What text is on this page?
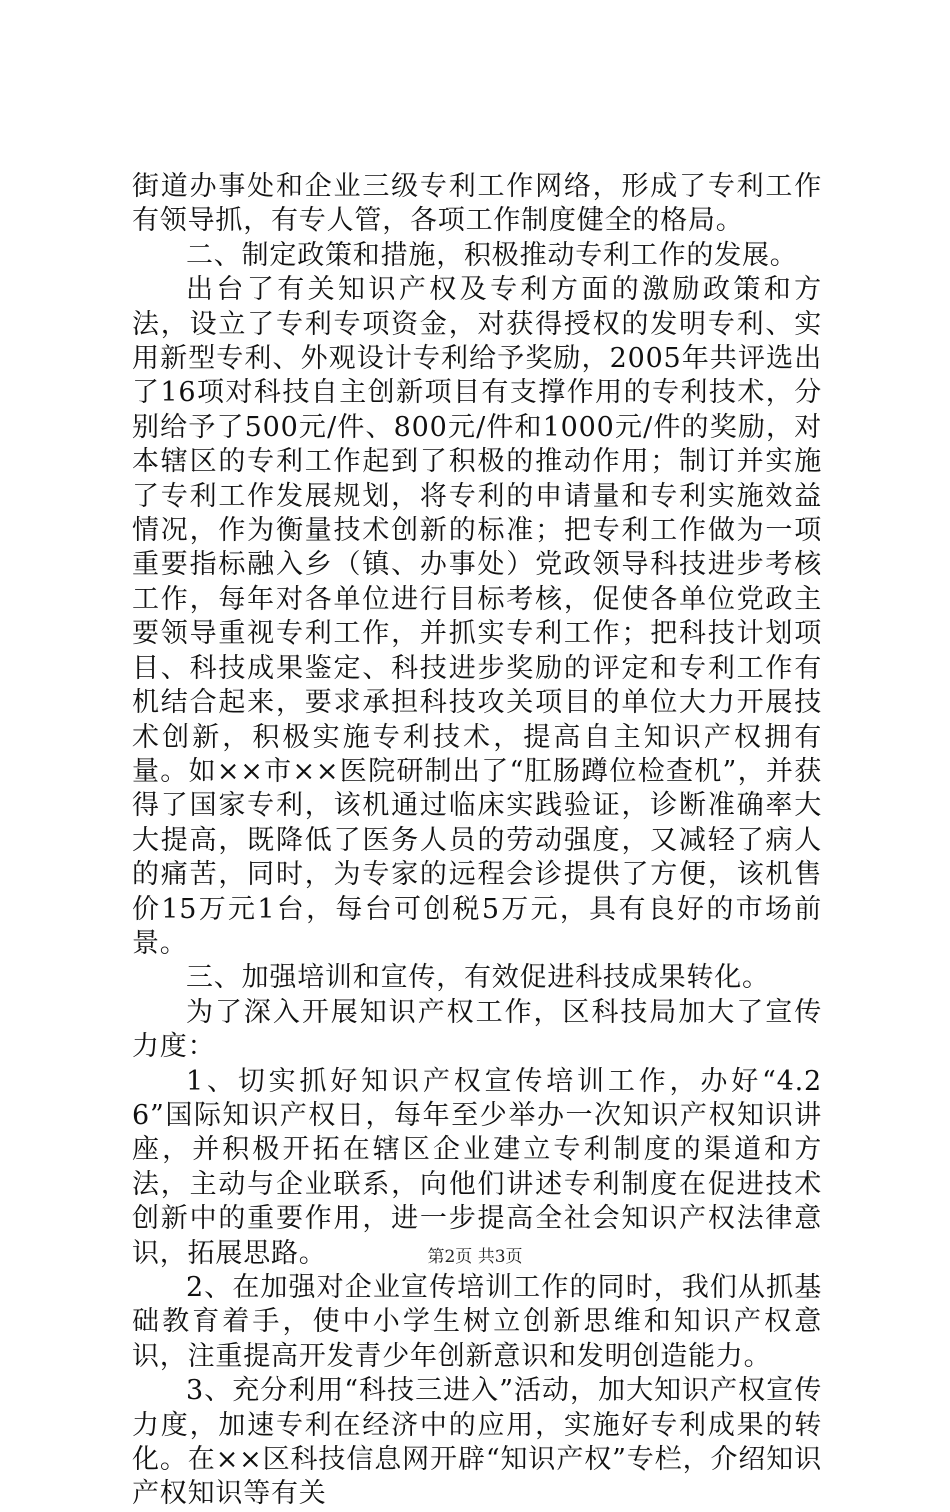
街道办事处和企业三级专利工作网络，形成了专利工作有领导抓，有专人管，各项工作制度健全的格局。

二、制定政策和措施，积极推动专利工作的发展。

出台了有关知识产权及专利方面的激励政策和方法，设立了专利专项资金，对获得授权的发明专利、实用新型专利、外观设计专利给予奖励，2005年共评选出了16项对科技自主创新项目有支撑作用的专利技术，分别给予了500元/件、800元/件和1000元/件的奖励，对本辖区的专利工作起到了积极的推动作用；制订并实施了专利工作发展规划，将专利的申请量和专利实施效益情况，作为衡量技术创新的标准；把专利工作做为一项重要指标融入乡（镇、办事处）党政领导科技进步考核工作，每年对各单位进行目标考核，促使各单位党政主要领导重视专利工作，并抓实专利工作；把科技计划项目、科技成果鉴定、科技进步奖励的评定和专利工作有机结合起来，要求承担科技攻关项目的单位大力开展技术创新，积极实施专利技术，提高自主知识产权拥有量。如××市××医院研制出了“肛肠蹲位检查机”，并获得了国家专利，该机通过临床实践验证，诊断准确率大大提高，既降低了医务人员的劳动强度，又减轻了病人的痛苦，同时，为专家的远程会诊提供了方便，该机售价15万元1台，每台可创税5万元，具有良好的市场前景。

三、加强培训和宣传，有效促进科技成果转化。

为了深入开展知识产权工作，区科技局加大了宣传力度：

1、切实抓好知识产权宣传培训工作，办好“4.26”国际知识产权日，每年至少举办一次知识产权知识讲座，并积极开拓在辖区企业建立专利制度的渠道和方法，主动与企业联系，向他们讲述专利制度在促进技术创新中的重要作用，进一步提高全社会知识产权法律意识，拓展思路。

2、在加强对企业宣传培训工作的同时，我们从抓基础教育着手，使中小学生树立创新思维和知识产权意识，注重提高开发青少年创新意识和发明创造能力。

3、充分利用“科技三进入”活动，加大知识产权宣传力度，加速专利在经济中的应用，实施好专利成果的转化。在××区科技信息网开辟“知识产权”专栏，介绍知识产权知识等有关

第2页 共3页
